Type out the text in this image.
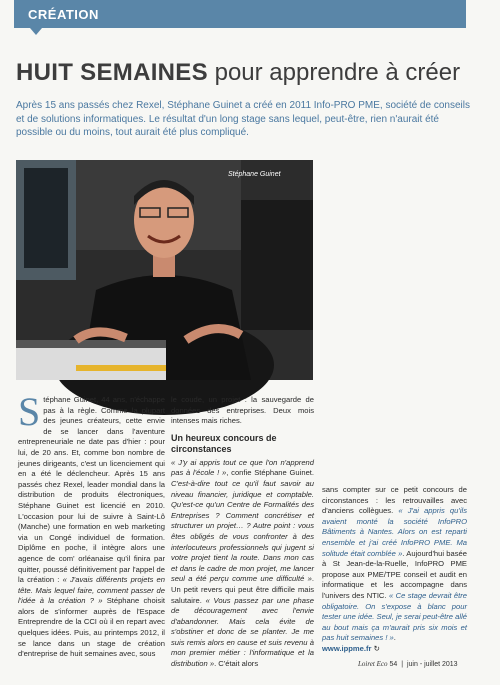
CRÉATION
HUIT SEMAINES pour apprendre à créer
Après 15 ans passés chez Rexel, Stéphane Guinet a créé en 2011 Info-PRO PME, société de conseils et de solutions informatiques. Le résultat d'un long stage sans lequel, peut-être, rien n'aurait été possible ou du moins, tout aurait été plus compliqué.
Stéphane Guinet
Stéphane Guinet, 44 ans, n'échappe pas à la règle. Comme la plupart des jeunes créateurs, cette envie de se lancer dans l'aventure entrepreneuriale ne date pas d'hier : pour lui, de 20 ans. Et, comme bon nombre de jeunes dirigeants, c'est un licenciement qui en a été le déclencheur. Après 15 ans passés chez Rexel, leader mondial dans la distribution de produits électroniques, Stéphane Guinet est licencié en 2010. L'occasion pour lui de suivre à Saint-Lô (Manche) une formation en web marketing via un Congé individuel de formation. Diplôme en poche, il intègre alors une agence de com' orléanaise qu'il finira par quitter, poussé définitivement par l'appel de la création : « J'avais différents projets en tête. Mais lequel faire, comment passer de l'idée à la création ? » Stéphane choisit alors de s'informer auprès de l'Espace Entreprendre de la CCI où il en repart avec quelques idées. Puis, au printemps 2012, il se lance dans un stage de création d'entreprise de huit semaines avec, sous
le coude, un projet : la sauvegarde de données des entreprises. Deux mois intenses mais riches.
Un heureux concours de circonstances
« J'y ai appris tout ce que l'on n'apprend pas à l'école ! », confie Stéphane Guinet. C'est-à-dire tout ce qu'il faut savoir au niveau financier, juridique et comptable. Qu'est-ce qu'un Centre de Formalités des Entreprises ? Comment concrétiser et structurer un projet… ? Autre point : vous êtes obligés de vous confronter à des interlocuteurs professionnels qui jugent si votre projet tient la route. Dans mon cas et dans le cadre de mon projet, me lancer seul a été perçu comme une difficulté ». Un petit revers qui peut être difficile mais salutaire. « Vous passez par une phase de découragement avec l'envie d'abandonner. Mais cela évite de s'obstiner et donc de se planter. Je me suis remis alors en cause et suis revenu à mon premier métier : l'informatique et la distribution ». C'était alors
sans compter sur ce petit concours de circonstances : les retrouvailles avec d'anciens collègues. « J'ai appris qu'ils avaient monté la société InfoPRO Bâtiments à Nantes. Alors on est reparti ensemble et j'ai créé InfoPRO PME. Ma solitude était comblée ». Aujourd'hui basée à St Jean-de-la-Ruelle, InfoPRO PME propose aux PME/TPE conseil et audit en informatique et les accompagne dans l'univers des NTIC. « Ce stage devrait être obligatoire. On s'expose à blanc pour tester une idée. Seul, je serai peut-être allé au bout mais ça m'aurait pris six mois et pas huit semaines ! ».
www.ippme.fr ↻
Loiret Eco 54 | juin - juillet 2013
